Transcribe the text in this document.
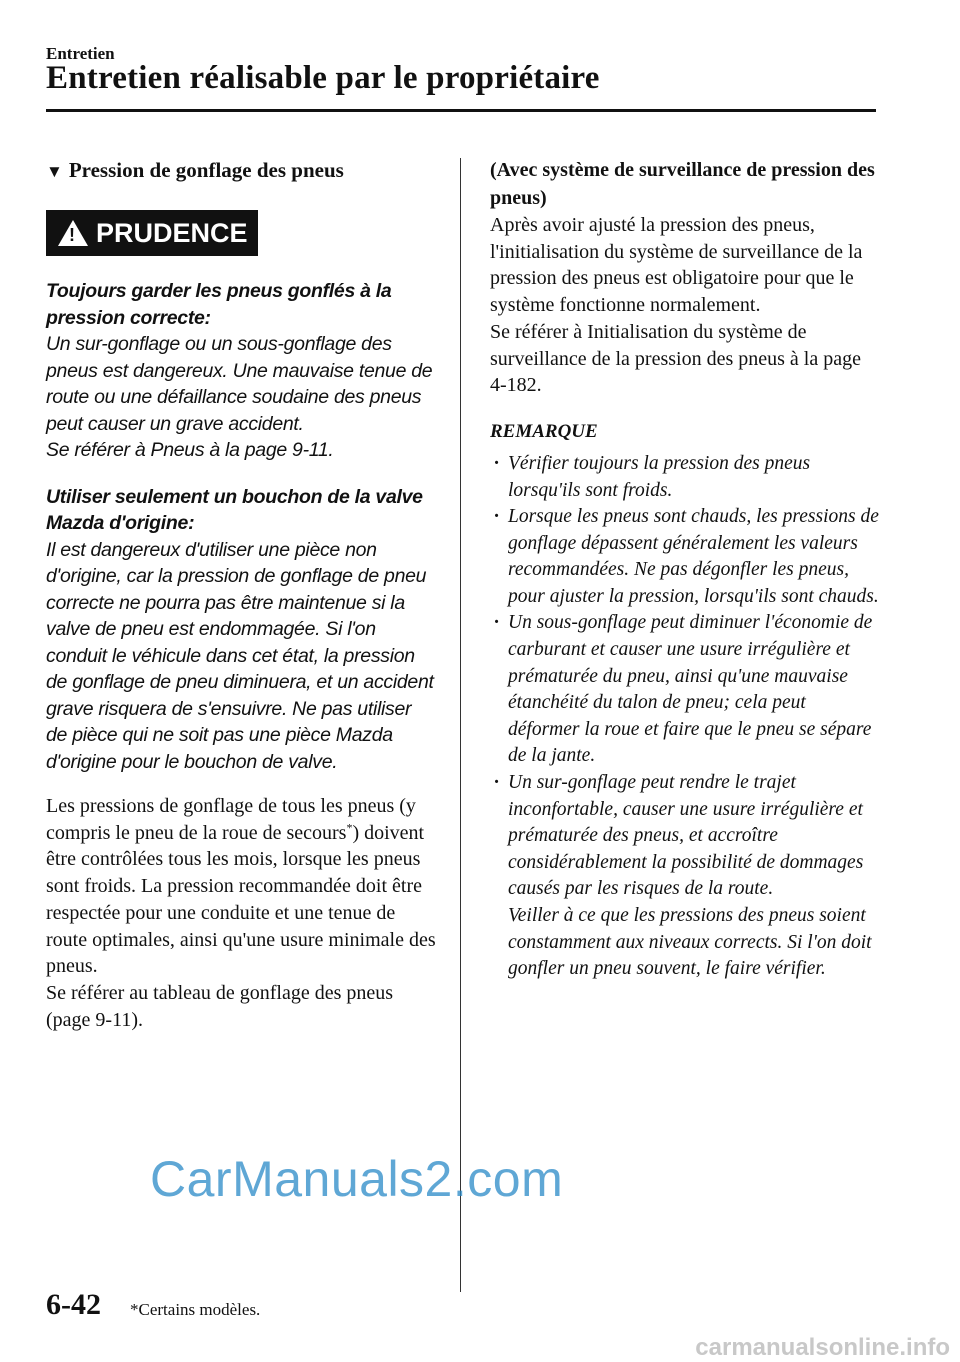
Entretien
Entretien réalisable par le propriétaire
▼ Pression de gonflage des pneus
!PRUDENCE

Toujours garder les pneus gonflés à la pression correcte:

Un sur-gonflage ou un sous-gonflage des pneus est dangereux. Une mauvaise tenue de route ou une défaillance soudaine des pneus peut causer un grave accident.

Se référer à Pneus à la page 9-11.

Utiliser seulement un bouchon de la valve Mazda d'origine:

Il est dangereux d'utiliser une pièce non d'origine, car la pression de gonflage de pneu correcte ne pourra pas être maintenue si la valve de pneu est endommagée. Si l'on conduit le véhicule dans cet état, la pression de gonflage de pneu diminuera, et un accident grave risquera de s'ensuivre. Ne pas utiliser de pièce qui ne soit pas une pièce Mazda d'origine pour le bouchon de valve.

Les pressions de gonflage de tous les pneus (y compris le pneu de la roue de secours*) doivent être contrôlées tous les mois, lorsque les pneus sont froids. La pression recommandée doit être respectée pour une conduite et une tenue de route optimales, ainsi qu'une usure minimale des pneus.

Se référer au tableau de gonflage des pneus (page 9-11).

(Avec système de surveillance de pression des pneus)

Après avoir ajusté la pression des pneus, l'initialisation du système de surveillance de la pression des pneus est obligatoire pour que le système fonctionne normalement.

Se référer à Initialisation du système de surveillance de la pression des pneus à la page 4-182.

REMARQUE
· Vérifier toujours la pression des pneus lorsqu'ils sont froids.
· Lorsque les pneus sont chauds, les pressions de gonflage dépassent généralement les valeurs recommandées. Ne pas dégonfler les pneus, pour ajuster la pression, lorsqu'ils sont chauds.
· Un sous-gonflage peut diminuer l'économie de carburant et causer une usure irrégulière et prématurée du pneu, ainsi qu'une mauvaise étanchéité du talon de pneu; cela peut déformer la roue et faire que le pneu se sépare de la jante.
· Un sur-gonflage peut rendre le trajet inconfortable, causer une usure irrégulière et prématurée des pneus, et accroître considérablement la possibilité de dommages causés par les risques de la route.
Veiller à ce que les pressions des pneus soient constamment aux niveaux corrects. Si l'on doit gonfler un pneu souvent, le faire vérifier.
CarManuals2.com
6-42 *Certains modèles.
carmanualsonline.info
